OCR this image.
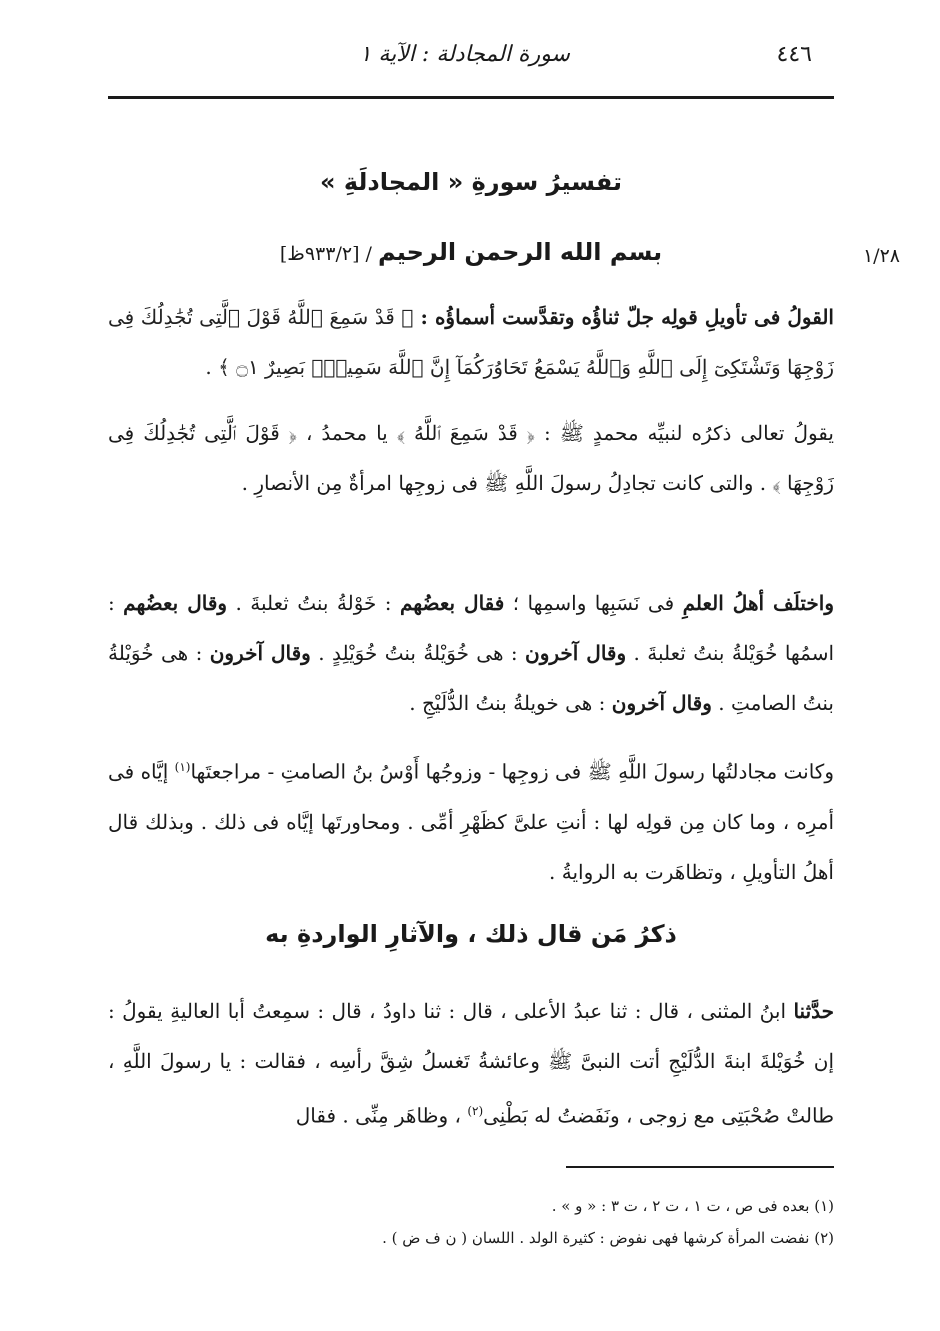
٤٤٦
سورة المجادلة : الآية ١
تفسيرُ سورةِ « المجادلَةِ »
١/٢٨
بسم الله الرحمن الرحيم / [٩٣٣/٢ظ]
القولُ فى تأويلِ قولِه جلّ ثناؤُه وتقدَّست أسماؤُه : ﴿ قَدْ سَمِعَ ٱللَّهُ قَوْلَ ٱلَّتِى تُجَٰدِلُكَ فِى زَوْجِهَا وَتَشْتَكِىٓ إِلَى ٱللَّهِ وَٱللَّهُ يَسْمَعُ تَحَاوُرَكُمَآ إِنَّ ٱللَّهَ سَمِيعٌۢ بَصِيرٌ ۝١ ﴾ .
يقولُ تعالى ذكرُه لنبيِّه محمدٍ ﷺ : ﴿ قَدْ سَمِعَ ٱللَّهُ ﴾ يا محمدُ ، ﴿ قَوْلَ ٱلَّتِى تُجَٰدِلُكَ فِى زَوْجِهَا ﴾ . والتى كانت تجادِلُ رسولَ اللَّهِ ﷺ فى زوجِها امرأةٌ مِن الأنصارِ .
واختلَف أهلُ العلمِ فى نَسَبِها واسمِها ؛ فقال بعضُهم : خَوْلةُ بنتُ ثعلبةَ . وقال بعضُهم : اسمُها خُوَيْلةُ بنتُ ثعلبةَ . وقال آخرون : هى خُوَيْلةُ بنتُ خُوَيْلِدٍ . وقال آخرون : هى خُوَيْلةُ بنتُ الصامتِ . وقال آخرون : هى خويلةُ بنتُ الدُّلَيْجِ .
وكانت مجادلتُها رسولَ اللَّهِ ﷺ فى زوجِها - وزوجُها أَوْسُ بنُ الصامتِ - مراجعتَها$^{(١)}$ إيَّاه فى أمرِه ، وما كان مِن قولِه لها : أنتِ علىَّ كظَهْرِ أمِّى . ومحاورتَها إيَّاه فى ذلك . وبذلك قال أهلُ التأويلِ ، وتظاهَرت به الروايةُ .
ذكرُ مَن قال ذلك ، والآثارِ الواردةِ به
حدَّثنا ابنُ المثنى ، قال : ثنا عبدُ الأعلى ، قال : ثنا داودُ ، قال : سمِعتُ أبا العاليةِ يقولُ : إن خُوَيْلةَ ابنةَ الدُّلَيْجِ أتت النبىَّ ﷺ وعائشةُ تَغسلُ شِقَّ رأسِه ، فقالت : يا رسولَ اللَّهِ ، طالتْ صُحْبَتِى مع زوجى ، ونَفَضتُ له بَطْنِى$^{(٢)}$ ، وظاهَر مِنِّى . فقال
(١) بعده فى ص ، ت ١ ، ت ٢ ، ت ٣ : « و » .
(٢) نفضت المرأة كرشها فهى نفوض : كثيرة الولد . اللسان ( ن ف ض ) .
